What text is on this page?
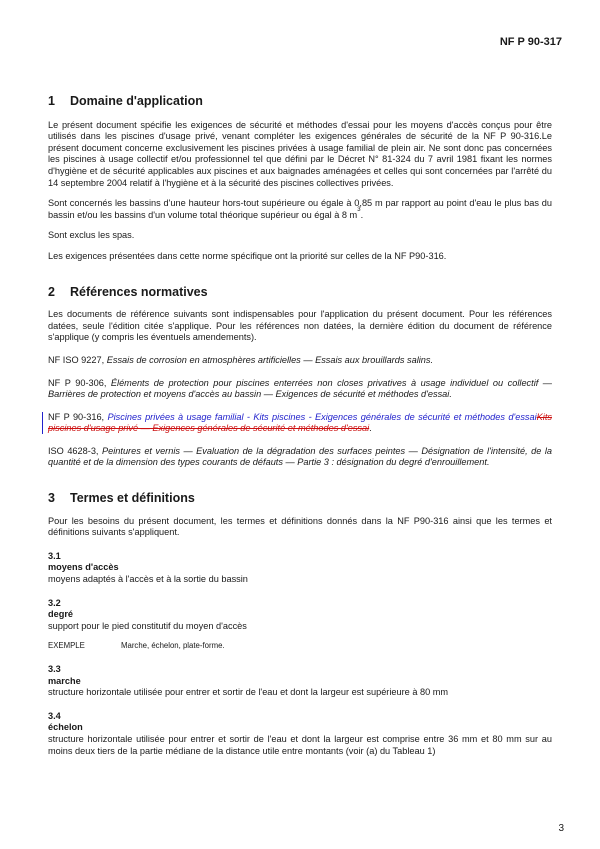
NF P 90-317
1	Domaine d'application

Le présent document spécifie les exigences de sécurité et méthodes d'essai pour les moyens d'accès conçus pour être utilisés dans les piscines d'usage privé, venant compléter les exigences générales de sécurité de la NF P 90-316.Le présent document concerne exclusivement les piscines privées à usage familial de plein air. Ne sont donc pas concernées les piscines à usage collectif et/ou professionnel tel que défini par le Décret N° 81-324 du 7 avril 1981 fixant les normes d'hygiène et de sécurité applicables aux piscines et aux baignades aménagées et celles qui sont concernées par l'arrêté du 14 septembre 2004 relatif à l'hygiène et à la sécurité des piscines collectives privées.

Sont concernés les bassins d'une hauteur hors-tout supérieure ou égale à 0,85 m par rapport au point d'eau le plus bas du bassin et/ou les bassins d'un volume total théorique supérieur ou égal à 8 $m^3$.

Sont exclus les spas.

Les exigences présentées dans cette norme spécifique ont la priorité sur celles de la NF P90-316.

2	Références normatives

Les documents de référence suivants sont indispensables pour l'application du présent document. Pour les références datées, seule l'édition citée s'applique. Pour les références non datées, la dernière édition du document de référence s'applique (y compris les éventuels amendements).

NF ISO 9227, Essais de corrosion en atmosphères artificielles — Essais aux brouillards salins.

NF P 90-306, Éléments de protection pour piscines enterrées non closes privatives à usage individuel ou collectif — Barrières de protection et moyens d'accès au bassin — Exigences de sécurité et méthodes d'essai.

NF P 90-316, Piscines privées à usage familial - Kits piscines - Exigences générales de sécurité et méthodes d'essaiKits piscines d'usage privé — Exigences générales de sécurité et méthodes d'essai.

ISO 4628-3, Peintures et vernis — Evaluation de la dégradation des surfaces peintes — Désignation de l'intensité, de la quantité et de la dimension des types courants de défauts — Partie 3 : désignation du degré d'enrouillement.

3	Termes et définitions

Pour les besoins du présent document, les termes et définitions donnés dans la NF P90-316 ainsi que les termes et définitions suivants s'appliquent.

3.1
moyens d'accès
moyens adaptés à l'accès et à la sortie du bassin
3.2
degré
support pour le pied constitutif du moyen d'accès
EXEMPLE	Marche, échelon, plate-forme.
3.3
marche
structure horizontale utilisée pour entrer et sortir de l'eau et dont la largeur est supérieure à 80 mm
3.4
échelon

structure horizontale utilisée pour entrer et sortir de l'eau et dont la largeur est comprise entre 36 mm et 80 mm sur au moins deux tiers de la partie médiane de la distance utile entre montants (voir (a) du Tableau 1)

3
